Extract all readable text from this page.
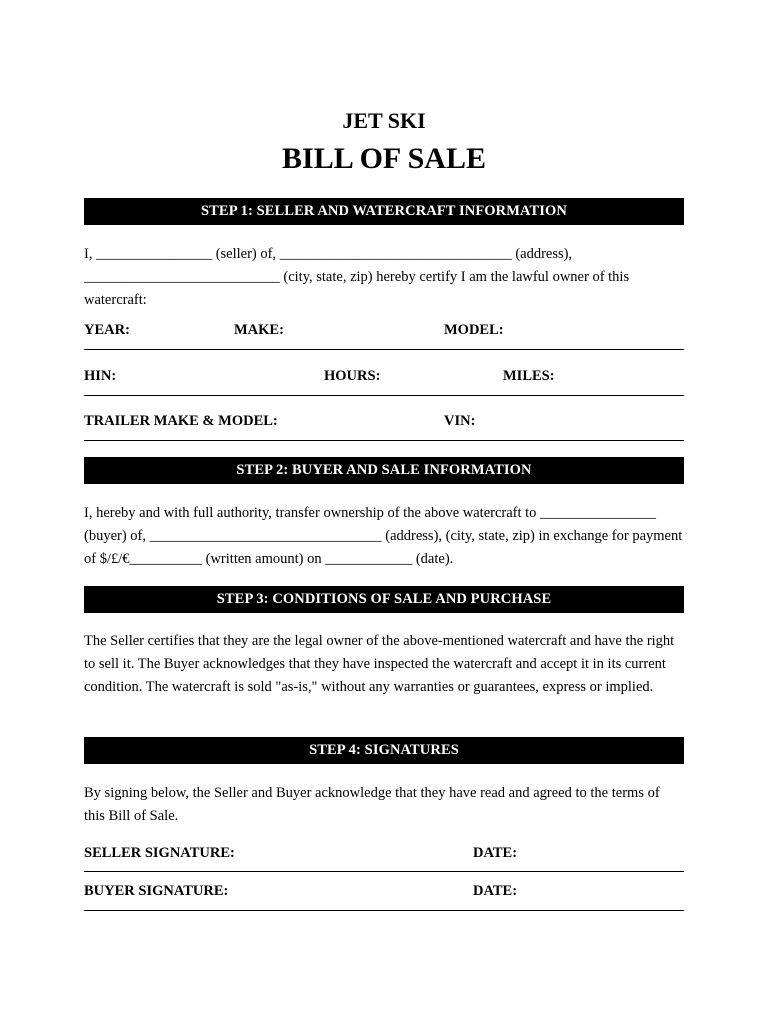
JET SKI
BILL OF SALE
STEP 1: SELLER AND WATERCRAFT INFORMATION
I, ________________ (seller) of, ________________________________ (address), ___________________________ (city, state, zip) hereby certify I am the lawful owner of this watercraft:
YEAR:	MAKE:	MODEL:
HIN:	HOURS:	MILES:
TRAILER MAKE & MODEL:	VIN:
STEP 2: BUYER AND SALE INFORMATION
I, hereby and with full authority, transfer ownership of the above watercraft to ________________ (buyer) of, ________________________________ (address), (city, state, zip) in exchange for payment of $/£/€__________ (written amount) on ____________ (date).
STEP 3: CONDITIONS OF SALE AND PURCHASE
The Seller certifies that they are the legal owner of the above-mentioned watercraft and have the right to sell it. The Buyer acknowledges that they have inspected the watercraft and accept it in its current condition. The watercraft is sold "as-is," without any warranties or guarantees, express or implied.
STEP 4: SIGNATURES
By signing below, the Seller and Buyer acknowledge that they have read and agreed to the terms of this Bill of Sale.
SELLER SIGNATURE:	DATE:
BUYER SIGNATURE:	DATE:
